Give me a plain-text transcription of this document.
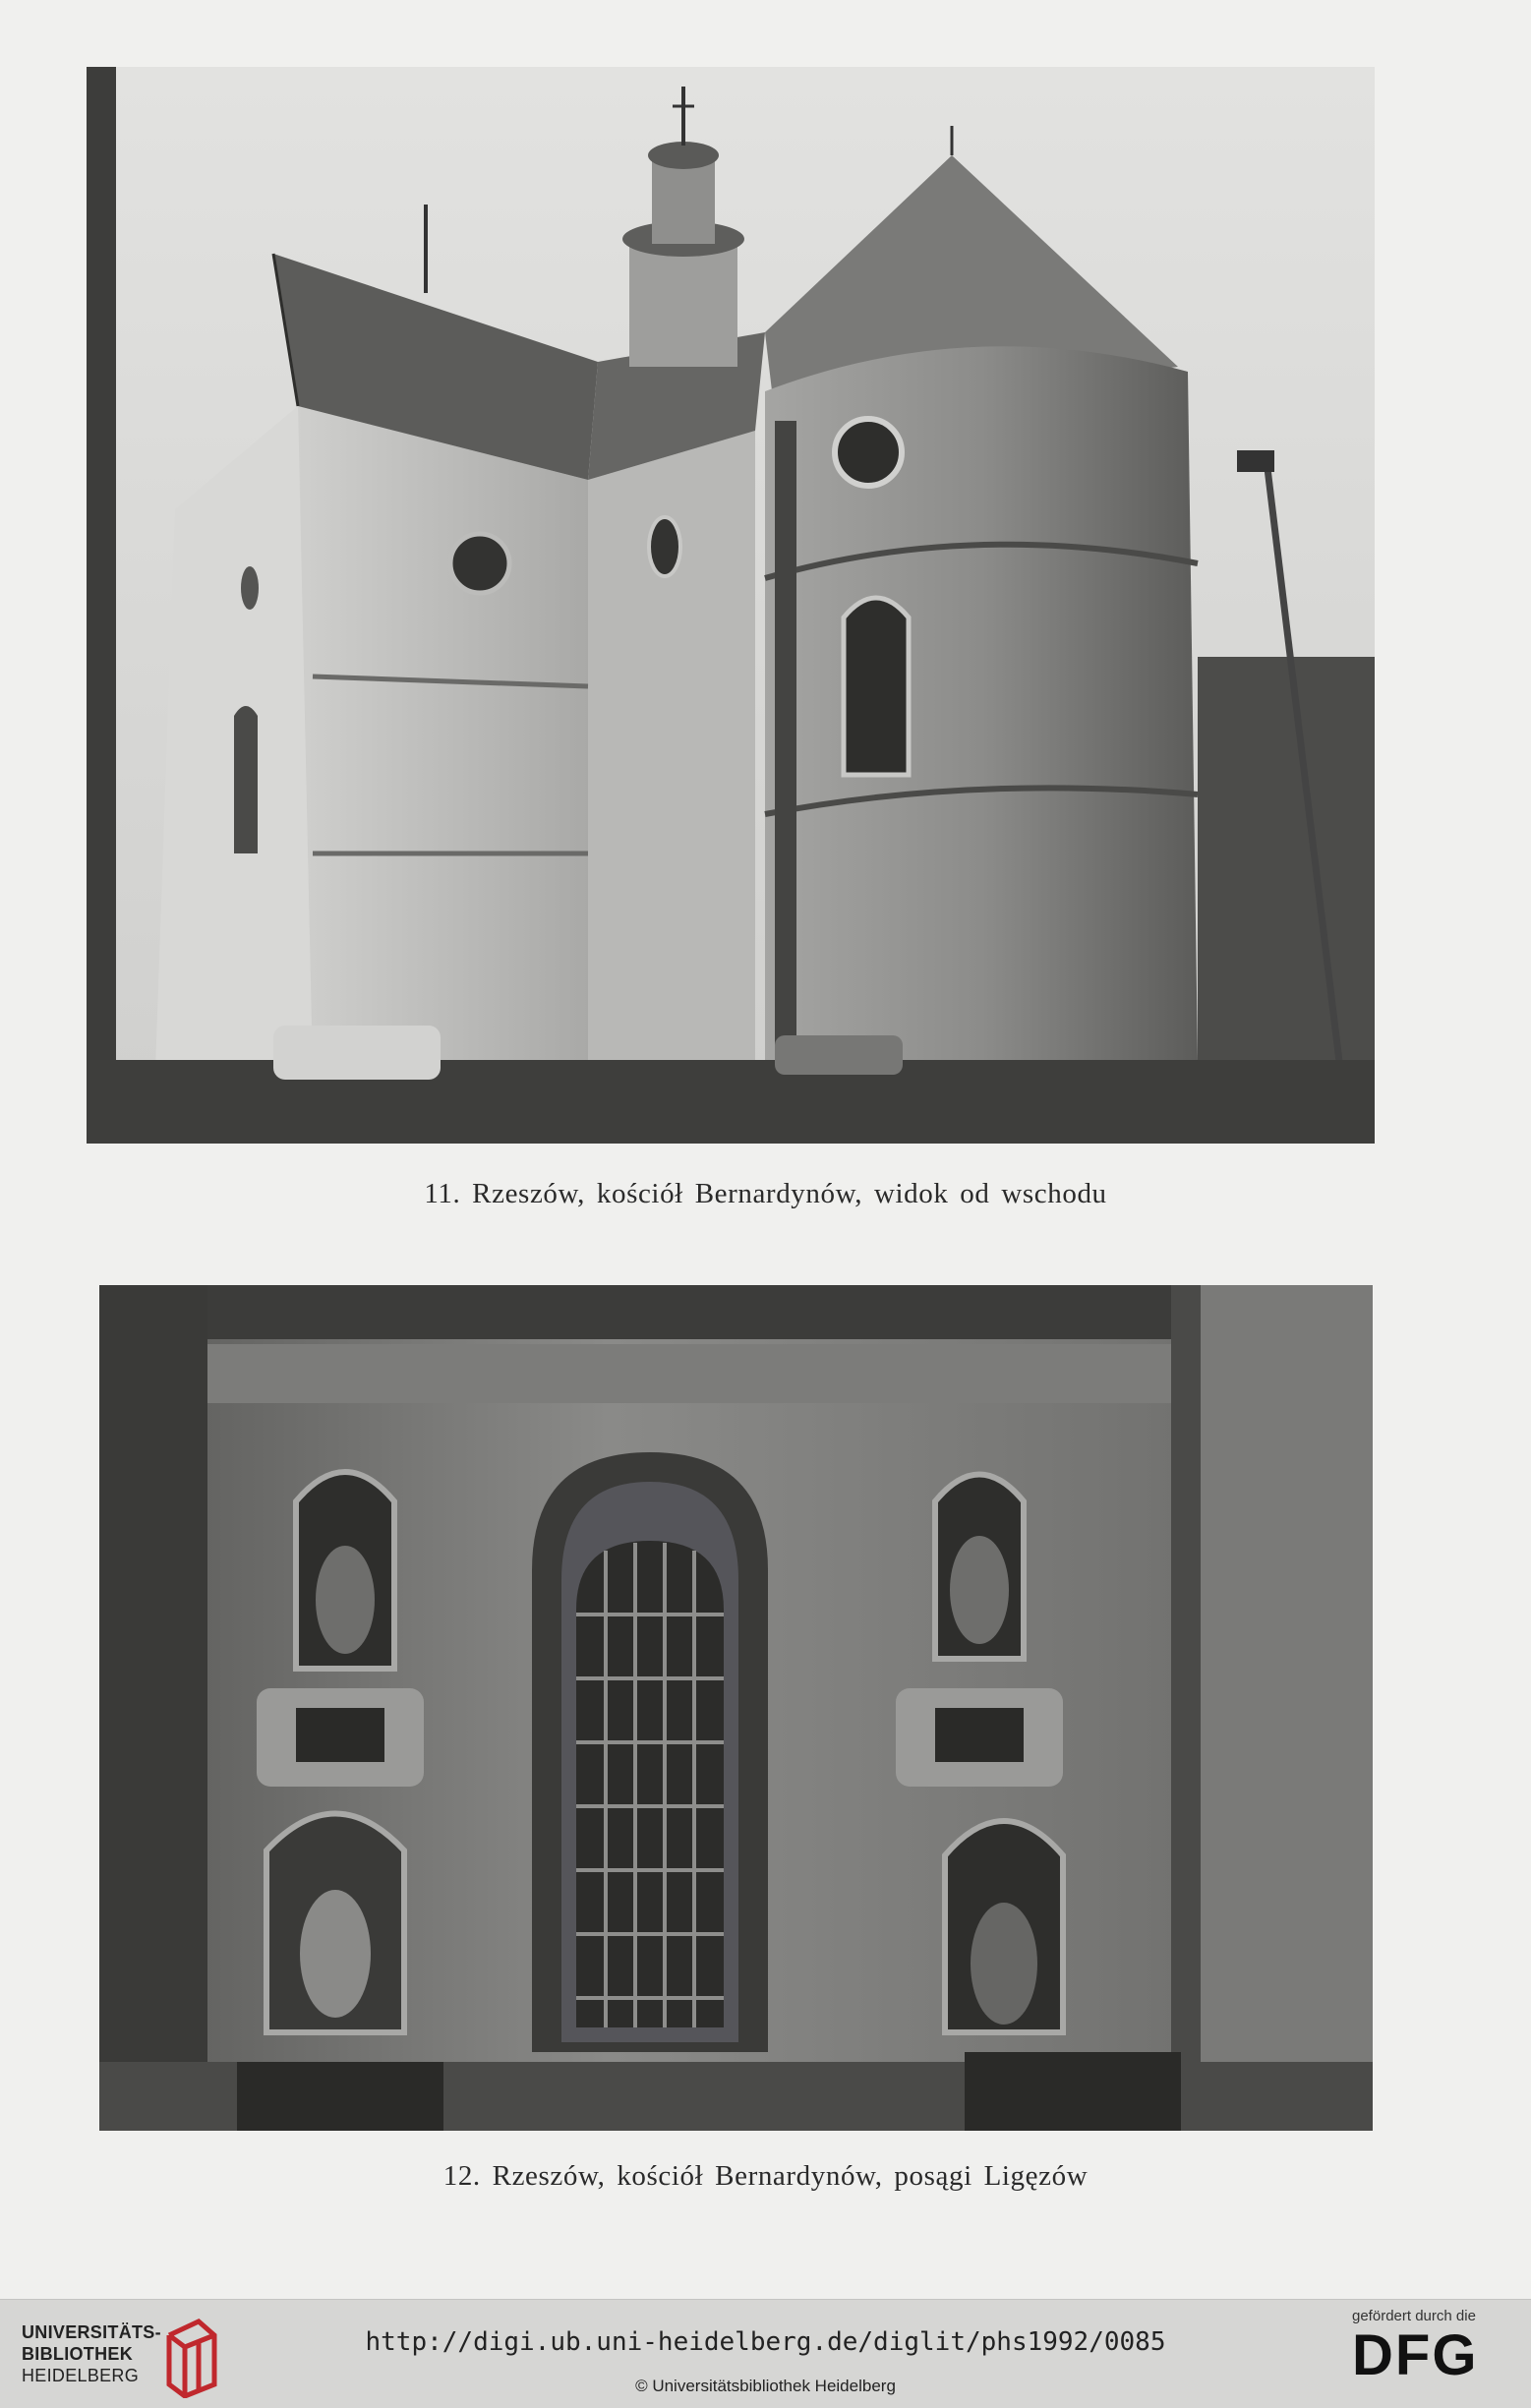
11. Rzeszów, kościół Bernardynów, widok od wschodu
12. Rzeszów, kościół Bernardynów, posągi Ligęzów
UNIVERSITÄTS-
BIBLIOTHEK
HEIDELBERG
http://digi.ub.uni-heidelberg.de/diglit/phs1992/0085
© Universitätsbibliothek Heidelberg
gefördert durch die
DFG
